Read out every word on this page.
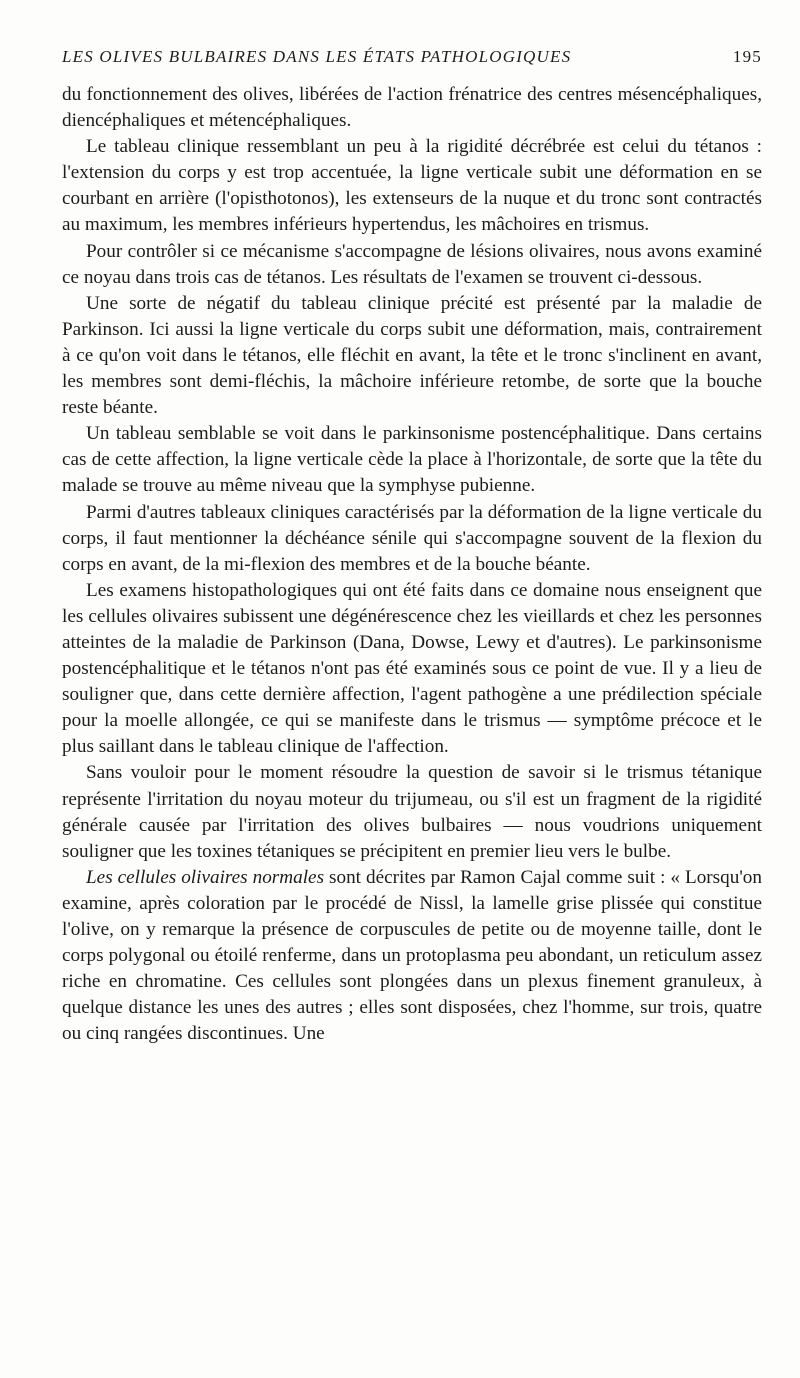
LES OLIVES BULBAIRES DANS LES ÉTATS PATHOLOGIQUES	195

du fonctionnement des olives, libérées de l'action frénatrice des centres mésencéphaliques, diencéphaliques et métencéphaliques.

Le tableau clinique ressemblant un peu à la rigidité décrébrée est celui du tétanos : l'extension du corps y est trop accentuée, la ligne verticale subit une déformation en se courbant en arrière (l'opisthotonos), les extenseurs de la nuque et du tronc sont contractés au maximum, les membres inférieurs hypertendus, les mâchoires en trismus.

Pour contrôler si ce mécanisme s'accompagne de lésions olivaires, nous avons examiné ce noyau dans trois cas de tétanos. Les résultats de l'examen se trouvent ci-dessous.

Une sorte de négatif du tableau clinique précité est présenté par la maladie de Parkinson. Ici aussi la ligne verticale du corps subit une déformation, mais, contrairement à ce qu'on voit dans le tétanos, elle fléchit en avant, la tête et le tronc s'inclinent en avant, les membres sont demi-fléchis, la mâchoire inférieure retombe, de sorte que la bouche reste béante.

Un tableau semblable se voit dans le parkinsonisme postencéphalitique. Dans certains cas de cette affection, la ligne verticale cède la place à l'horizontale, de sorte que la tête du malade se trouve au même niveau que la symphyse pubienne.

Parmi d'autres tableaux cliniques caractérisés par la déformation de la ligne verticale du corps, il faut mentionner la déchéance sénile qui s'accompagne souvent de la flexion du corps en avant, de la mi-flexion des membres et de la bouche béante.

Les examens histopathologiques qui ont été faits dans ce domaine nous enseignent que les cellules olivaires subissent une dégénérescence chez les vieillards et chez les personnes atteintes de la maladie de Parkinson (Dana, Dowse, Lewy et d'autres). Le parkinsonisme postencéphalitique et le tétanos n'ont pas été examinés sous ce point de vue. Il y a lieu de souligner que, dans cette dernière affection, l'agent pathogène a une prédilection spéciale pour la moelle allongée, ce qui se manifeste dans le trismus — symptôme précoce et le plus saillant dans le tableau clinique de l'affection.

Sans vouloir pour le moment résoudre la question de savoir si le trismus tétanique représente l'irritation du noyau moteur du trijumeau, ou s'il est un fragment de la rigidité générale causée par l'irritation des olives bulbaires — nous voudrions uniquement souligner que les toxines tétaniques se précipitent en premier lieu vers le bulbe.

Les cellules olivaires normales sont décrites par Ramon Cajal comme suit : « Lorsqu'on examine, après coloration par le procédé de Nissl, la lamelle grise plissée qui constitue l'olive, on y remarque la présence de corpuscules de petite ou de moyenne taille, dont le corps polygonal ou étoilé renferme, dans un protoplasma peu abondant, un reticulum assez riche en chromatine. Ces cellules sont plongées dans un plexus finement granuleux, à quelque distance les unes des autres ; elles sont disposées, chez l'homme, sur trois, quatre ou cinq rangées discontinues. Une
